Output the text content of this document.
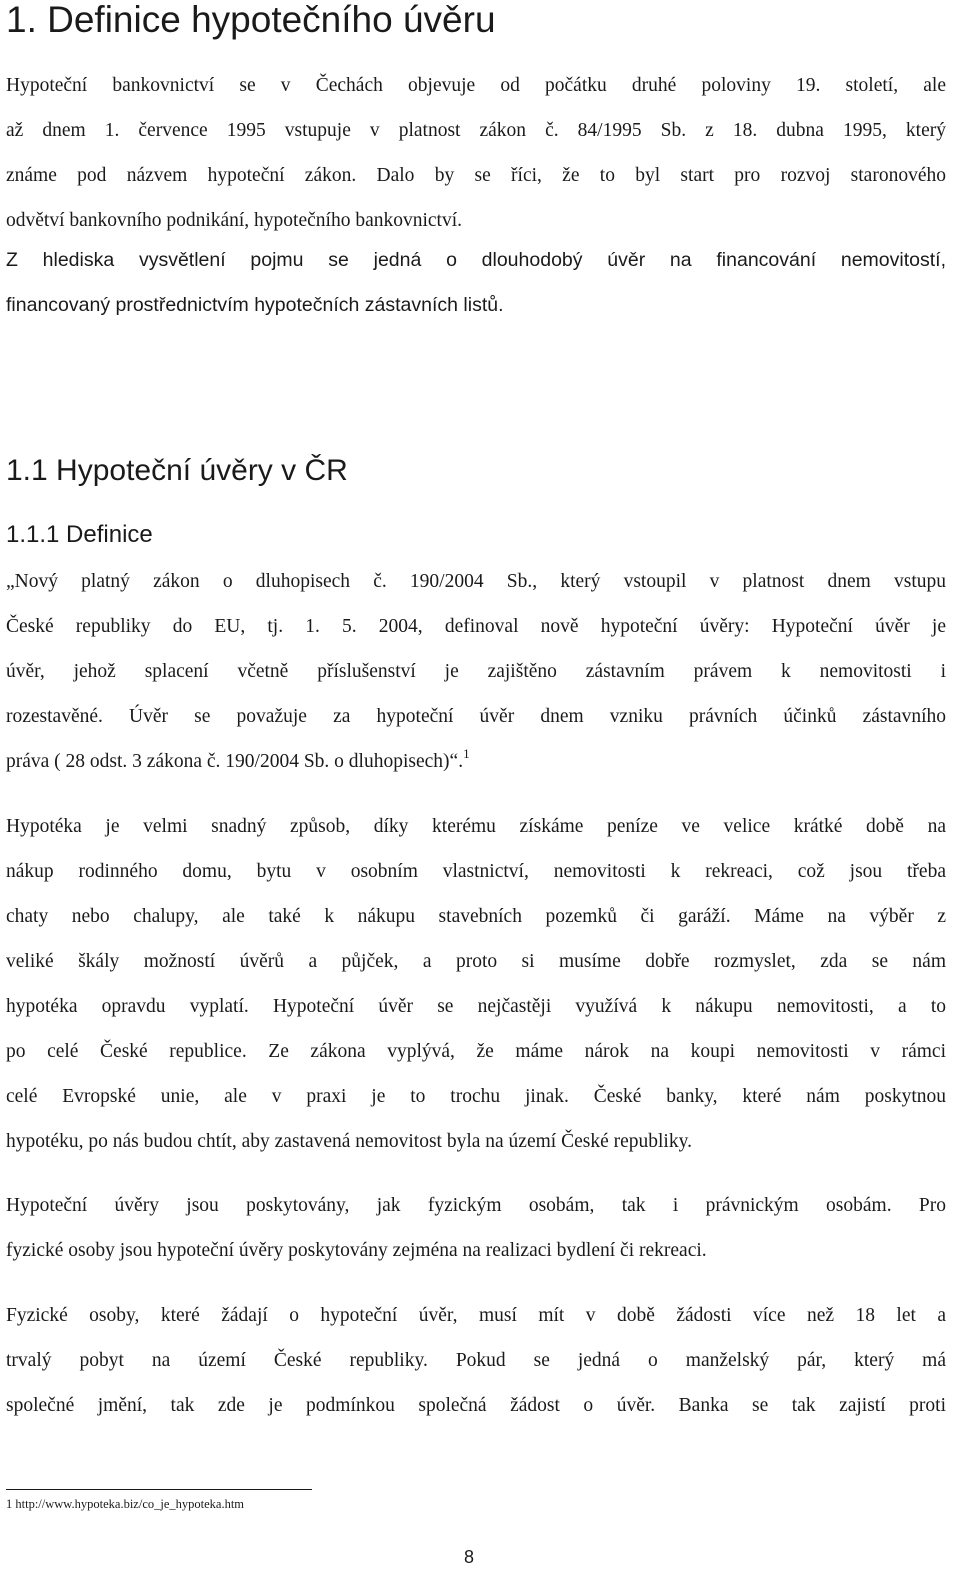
1. Definice hypotečního úvěru
Hypoteční bankovnictví se v Čechách objevuje od počátku druhé poloviny 19. století, ale
až dnem 1. července 1995 vstupuje v platnost zákon č. 84/1995 Sb. z 18. dubna 1995, který
známe pod názvem hypoteční zákon. Dalo by se říci, že to byl start pro rozvoj staronového
odvětví bankovního podnikání, hypotečního bankovnictví.
Z hlediska vysvětlení pojmu se jedná o dlouhodobý úvěr na financování nemovitostí,
financovaný prostřednictvím hypotečních zástavních listů.
1.1 Hypoteční úvěry v ČR
1.1.1 Definice
„Nový platný zákon o dluhopisech č. 190/2004 Sb., který vstoupil v platnost dnem vstupu
České republiky do EU, tj. 1. 5. 2004, definoval nově hypoteční úvěry: Hypoteční úvěr je
úvěr, jehož splacení včetně příslušenství je zajištěno zástavním právem k nemovitosti i
rozestavěné. Úvěr se považuje za hypoteční úvěr dnem vzniku právních účinků zástavního
práva ( 28 odst. 3 zákona č. 190/2004 Sb. o dluhopisech)“.$^1$
Hypotéka je velmi snadný způsob, díky kterému získáme peníze ve velice krátké době na
nákup rodinného domu, bytu v osobním vlastnictví, nemovitosti k rekreaci, což jsou třeba
chaty nebo chalupy, ale také k nákupu stavebních pozemků či garáží. Máme na výběr z
veliké škály možností úvěrů a půjček, a proto si musíme dobře rozmyslet, zda se nám
hypotéka opravdu vyplatí. Hypoteční úvěr se nejčastěji využívá k nákupu nemovitosti, a to
po celé České republice. Ze zákona vyplývá, že máme nárok na koupi nemovitosti v rámci
celé Evropské unie, ale v praxi je to trochu jinak. České banky, které nám poskytnou
hypotéku, po nás budou chtít, aby zastavená nemovitost byla na území České republiky.
Hypoteční úvěry jsou poskytovány, jak fyzickým osobám, tak i právnickým osobám. Pro
fyzické osoby jsou hypoteční úvěry poskytovány zejména na realizaci bydlení či rekreaci.
Fyzické osoby, které žádají o hypoteční úvěr, musí mít v době žádosti více než 18 let a
trvalý pobyt na území České republiky. Pokud se jedná o manželský pár, který má
společné jmění, tak zde je podmínkou společná žádost o úvěr. Banka se tak zajistí proti
1 http://www.hypoteka.biz/co_je_hypoteka.htm
8
